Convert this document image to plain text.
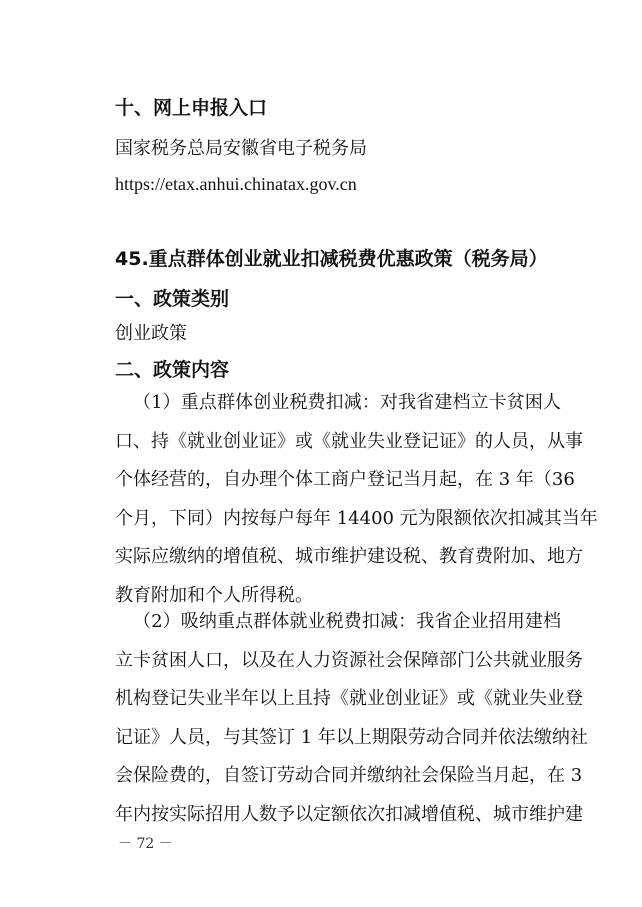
十、网上申报入口
国家税务总局安徽省电子税务局
https://etax.anhui.chinatax.gov.cn
45.重点群体创业就业扣减税费优惠政策（税务局）
一、政策类别
创业政策
二、政策内容
（1）重点群体创业税费扣减：对我省建档立卡贫困人
口、持《就业创业证》或《就业失业登记证》的人员，从事
个体经营的，自办理个体工商户登记当月起，在 3 年（36
个月，下同）内按每户每年 14400 元为限额依次扣减其当年
实际应缴纳的增值税、城市维护建设税、教育费附加、地方
教育附加和个人所得税。
（2）吸纳重点群体就业税费扣减：我省企业招用建档
立卡贫困人口，以及在人力资源社会保障部门公共就业服务
机构登记失业半年以上且持《就业创业证》或《就业失业登
记证》人员，与其签订 1 年以上期限劳动合同并依法缴纳社
会保险费的，自签订劳动合同并缴纳社会保险当月起，在 3
年内按实际招用人数予以定额依次扣减增值税、城市维护建
－ 72 －
